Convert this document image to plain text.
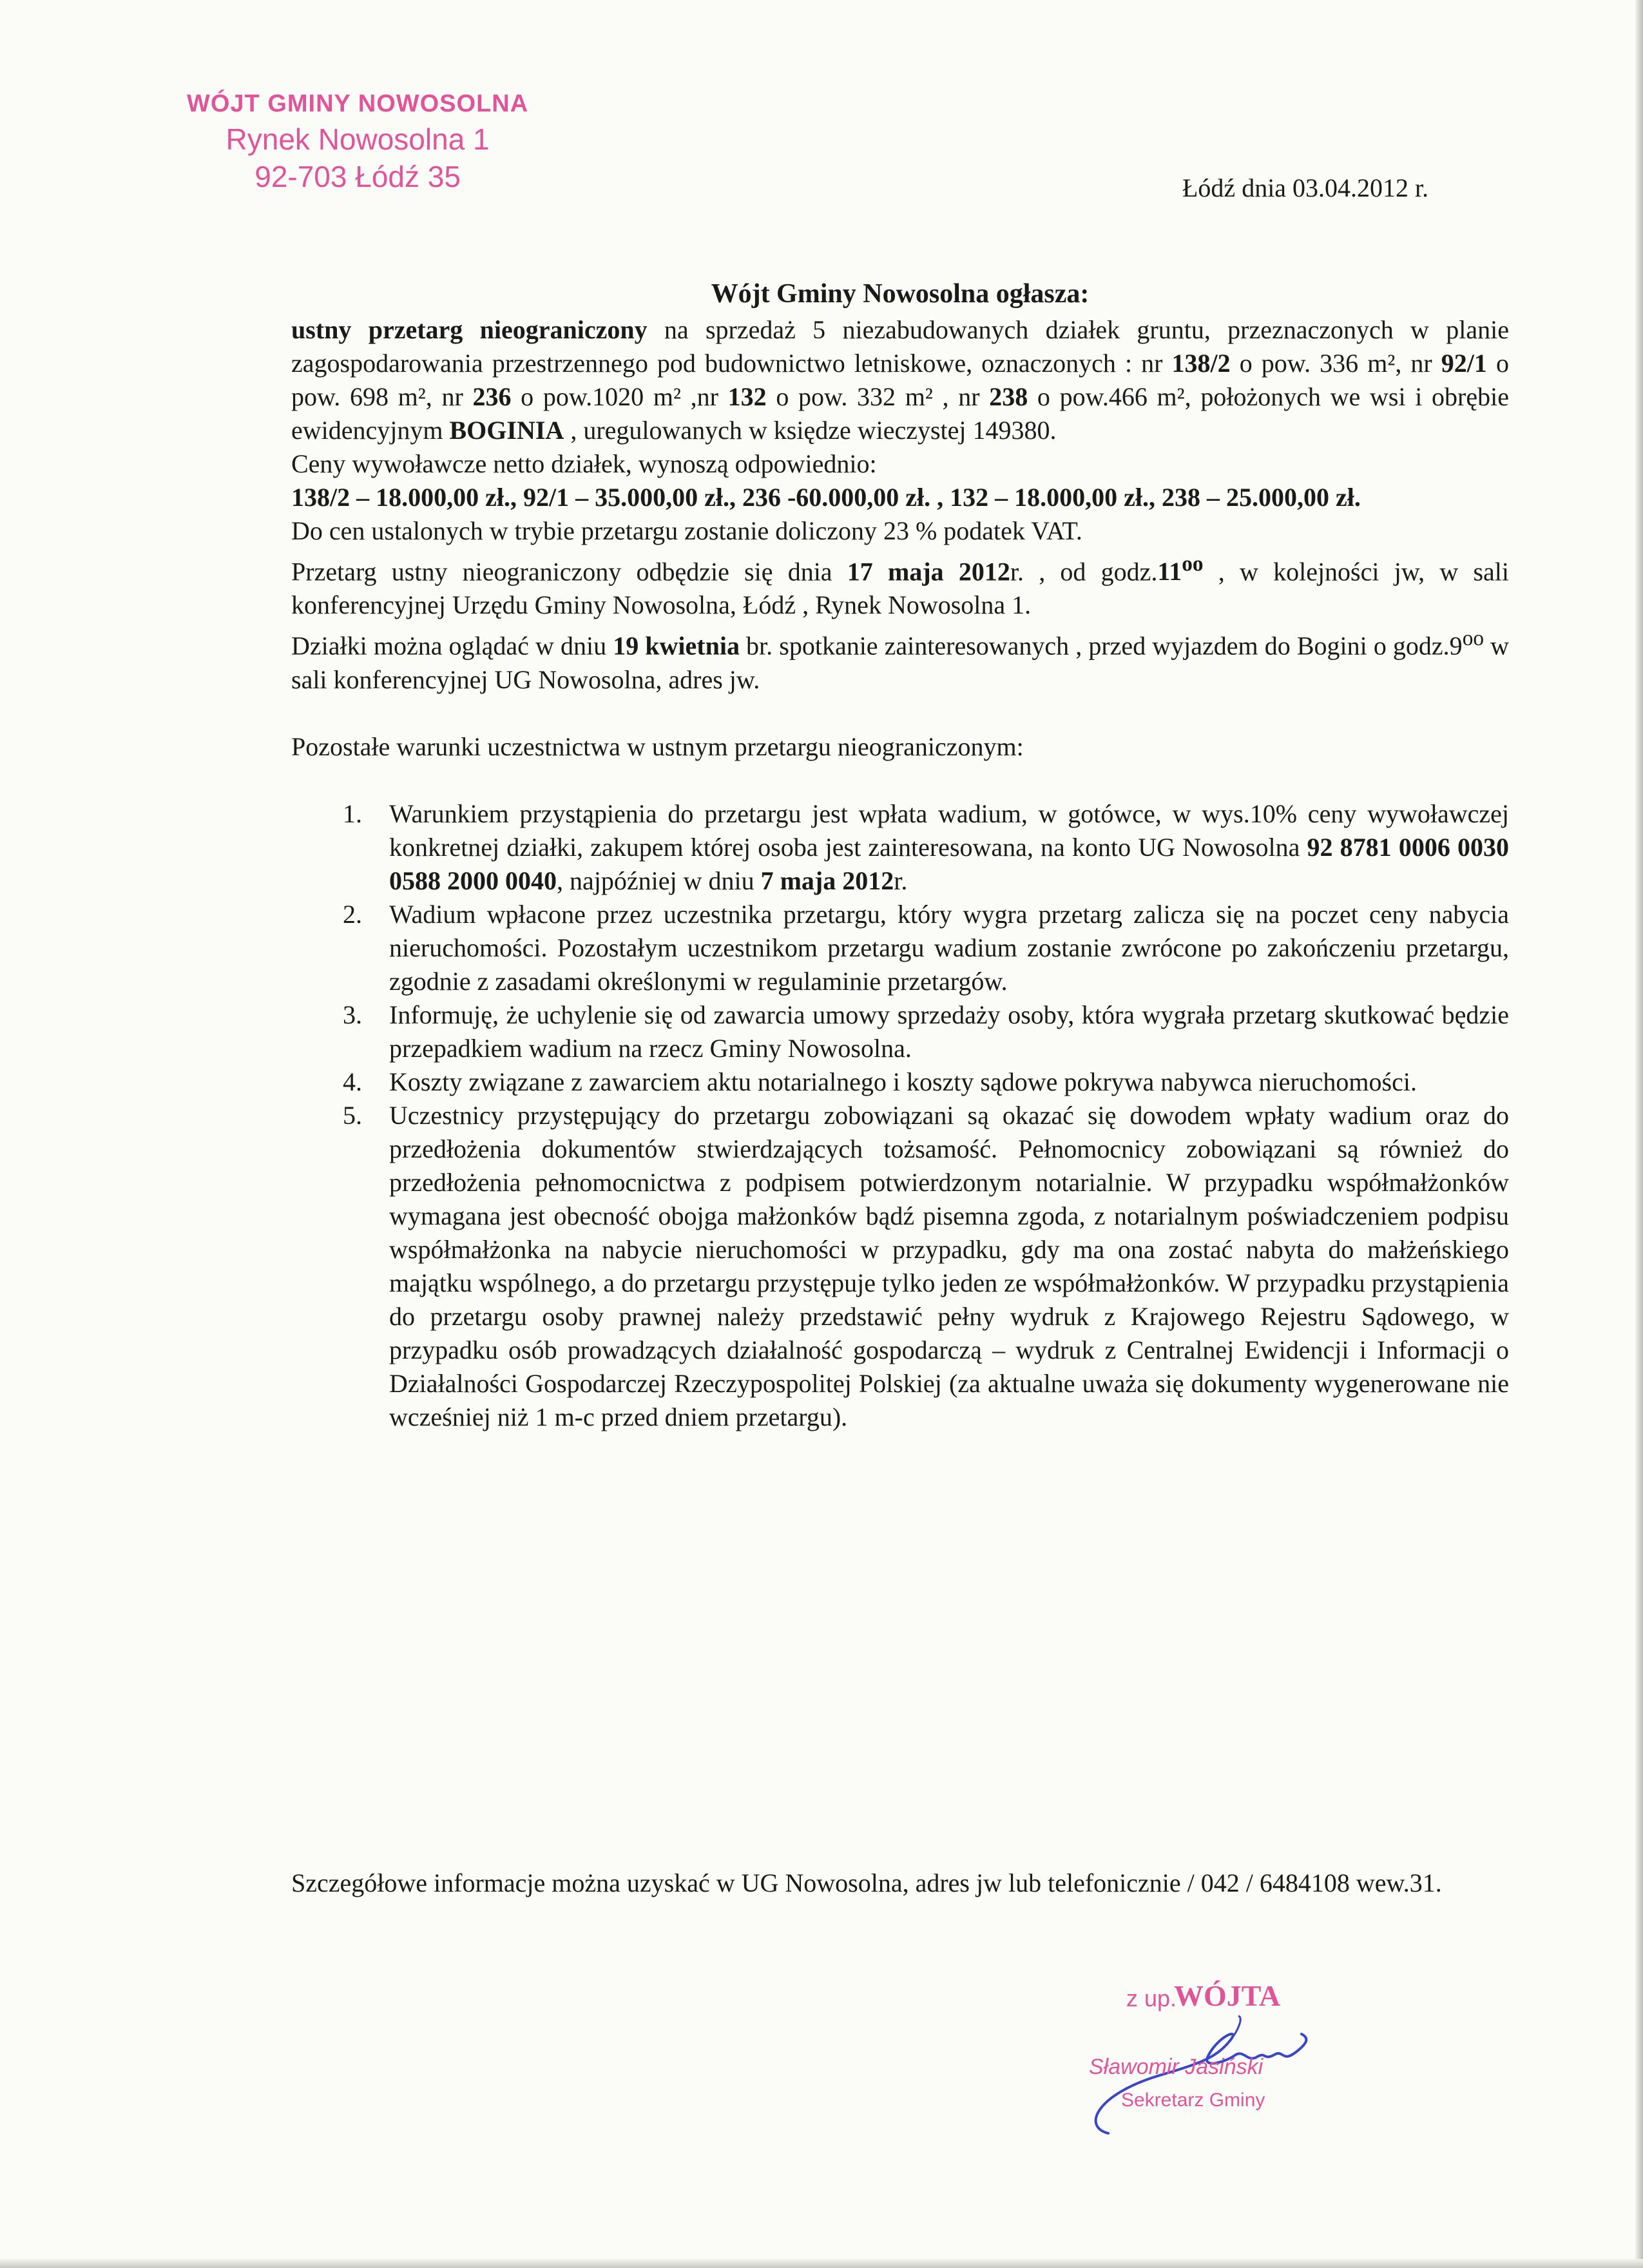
WÓJT GMINY NOWOSOLNA
Rynek Nowosolna 1
92-703 Łódź 35	Łódź dnia 03.04.2012 r.
Wójt Gminy Nowosolna ogłasza:

ustny przetarg nieograniczony na sprzedaż 5 niezabudowanych działek gruntu, przeznaczonych w planie zagospodarowania przestrzennego pod budownictwo letniskowe, oznaczonych : nr 138/2 o pow. 336 m², nr 92/1 o pow. 698 m², nr 236 o pow.1020 m² ,nr 132 o pow. 332 m² , nr 238 o pow.466 m², położonych we wsi i obrębie ewidencyjnym BOGINIA , uregulowanych w księdze wieczystej 149380.

Ceny wywoławcze netto działek, wynoszą odpowiednio:

138/2 – 18.000,00 zł., 92/1 – 35.000,00 zł., 236 -60.000,00 zł. , 132 – 18.000,00 zł., 238 – 25.000,00 zł.

Do cen ustalonych w trybie przetargu zostanie doliczony 23 % podatek VAT.

Przetarg ustny nieograniczony odbędzie się dnia 17 maja 2012r. , od $godz.11^{oo}$ , w kolejności jw, w sali konferencyjnej Urzędu Gminy Nowosolna, Łódź , Rynek Nowosolna 1.

Działki można oglądać w dniu 19 kwietnia br. spotkanie zainteresowanych , przed wyjazdem do Bogini o $godz.9^{oo}$ w sali konferencyjnej UG Nowosolna, adres jw.

Pozostałe warunki uczestnictwa w ustnym przetargu nieograniczonym:

1. Warunkiem przystąpienia do przetargu jest wpłata wadium, w gotówce, w wys.10% ceny wywoławczej konkretnej działki, zakupem której osoba jest zainteresowana, na konto UG Nowosolna 92 8781 0006 0030 0588 2000 0040, najpóźniej w dniu 7 maja 2012r.
2. Wadium wpłacone przez uczestnika przetargu, który wygra przetarg zalicza się na poczet ceny nabycia nieruchomości. Pozostałym uczestnikom przetargu wadium zostanie zwrócone po zakończeniu przetargu, zgodnie z zasadami określonymi w regulaminie przetargów.
3. Informuję, że uchylenie się od zawarcia umowy sprzedaży osoby, która wygrała przetarg skutkować będzie przepadkiem wadium na rzecz Gminy Nowosolna.
4. Koszty związane z zawarciem aktu notarialnego i koszty sądowe pokrywa nabywca nieruchomości.
5. Uczestnicy przystępujący do przetargu zobowiązani są okazać się dowodem wpłaty wadium oraz do przedłożenia dokumentów stwierdzających tożsamość. Pełnomocnicy zobowiązani są również do przedłożenia pełnomocnictwa z podpisem potwierdzonym notarialnie. W przypadku współmałżonków wymagana jest obecność obojga małżonków bądź pisemna zgoda, z notarialnym poświadczeniem podpisu współmałżonka na nabycie nieruchomości w przypadku, gdy ma ona zostać nabyta do małżeńskiego majątku wspólnego, a do przetargu przystępuje tylko jeden ze współmałżonków. W przypadku przystąpienia do przetargu osoby prawnej należy przedstawić pełny wydruk z Krajowego Rejestru Sądowego, w przypadku osób prowadzących działalność gospodarczą – wydruk z Centralnej Ewidencji i Informacji o Działalności Gospodarczej Rzeczypospolitej Polskiej (za aktualne uważa się dokumenty wygenerowane nie wcześniej niż 1 m-c przed dniem przetargu).

Szczegółowe informacje można uzyskać w UG Nowosolna, adres jw lub telefonicznie / 042 / 6484108 wew.31.

z up.
WÓJTA
Sławomir Jasiński
Sekretarz Gminy
